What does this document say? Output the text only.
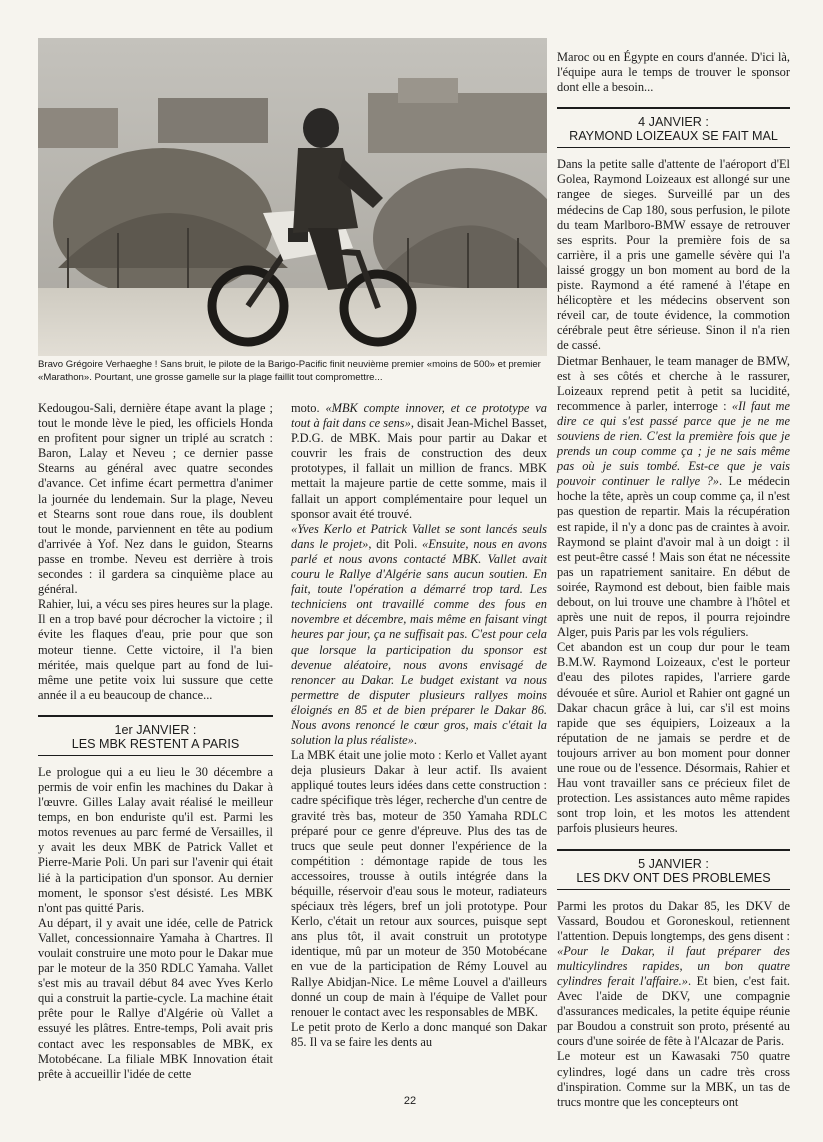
Bravo Grégoire Verhaeghe ! Sans bruit, le pilote de la Barigo-Pacific finit neuvième premier «moins de 500» et premier «Marathon». Pourtant, une grosse gamelle sur la plage faillit tout compromettre...

Kedougou-Sali, dernière étape avant la plage ; tout le monde lève le pied, les officiels Honda en profitent pour signer un triplé au scratch : Baron, Lalay et Neveu ; ce dernier passe Stearns au général avec quatre secondes d'avance. Cet infime écart permettra d'animer la journée du lendemain. Sur la plage, Neveu et Stearns sont roue dans roue, ils doublent tout le monde, parviennent en tête au podium d'arrivée à Yof. Nez dans le guidon, Stearns passe en trombe. Neveu est derrière à trois secondes : il gardera sa cinquième place au général.

Rahier, lui, a vécu ses pires heures sur la plage. Il en a trop bavé pour décrocher la victoire ; il évite les flaques d'eau, prie pour que son moteur tienne. Cette victoire, il l'a bien méritée, mais quelque part au fond de lui-même une petite voix lui sussure que cette année il a eu beaucoup de chance...

1er JANVIER :
LES MBK RESTENT A PARIS

Le prologue qui a eu lieu le 30 décembre a permis de voir enfin les machines du Dakar à l'œuvre. Gilles Lalay avait réalisé le meilleur temps, en bon enduriste qu'il est. Parmi les motos revenues au parc fermé de Versailles, il y avait les deux MBK de Patrick Vallet et Pierre-Marie Poli. Un pari sur l'avenir qui était lié à la participation d'un sponsor. Au dernier moment, le sponsor s'est désisté. Les MBK n'ont pas quitté Paris.

Au départ, il y avait une idée, celle de Patrick Vallet, concessionnaire Yamaha à Chartres. Il voulait construire une moto pour le Dakar mue par le moteur de la 350 RDLC Yamaha. Vallet s'est mis au travail début 84 avec Yves Kerlo qui a construit la partie-cycle. La machine était prête pour le Rallye d'Algérie où Vallet a essuyé les plâtres. Entre-temps, Poli avait pris contact avec les responsables de MBK, ex Motobécane. La filiale MBK Innovation était prête à accueillir l'idée de cette

moto. «MBK compte innover, et ce prototype va tout à fait dans ce sens», disait Jean-Michel Basset, P.D.G. de MBK. Mais pour partir au Dakar et couvrir les frais de construction des deux prototypes, il fallait un million de francs. MBK mettait la majeure partie de cette somme, mais il fallait un apport complémentaire pour lequel un sponsor avait été trouvé.

«Yves Kerlo et Patrick Vallet se sont lancés seuls dans le projet», dit Poli. «Ensuite, nous en avons parlé et nous avons contacté MBK. Vallet avait couru le Rallye d'Algérie sans aucun soutien. En fait, toute l'opération a démarré trop tard. Les techniciens ont travaillé comme des fous en novembre et décembre, mais même en faisant vingt heures par jour, ça ne suffisait pas. C'est pour cela que lorsque la participation du sponsor est devenue aléatoire, nous avons envisagé de renoncer au Dakar. Le budget existant va nous permettre de disputer plusieurs rallyes moins éloignés en 85 et de bien préparer le Dakar 86. Nous avons renoncé le cœur gros, mais c'était la solution la plus réaliste».

La MBK était une jolie moto : Kerlo et Vallet ayant deja plusieurs Dakar à leur actif. Ils avaient appliqué toutes leurs idées dans cette construction : cadre spécifique très léger, recherche d'un centre de gravité très bas, moteur de 350 Yamaha RDLC préparé pour ce genre d'épreuve. Plus des tas de trucs que seule peut donner l'expérience de la compétition : démontage rapide de tous les accessoires, trousse à outils intégrée dans la béquille, réservoir d'eau sous le moteur, radiateurs spéciaux très légers, bref un joli prototype. Pour Kerlo, c'était un retour aux sources, puisque sept ans plus tôt, il avait construit un prototype identique, mû par un moteur de 350 Motobécane en vue de la participation de Rémy Louvel au Rallye Abidjan-Nice. Le même Louvel a d'ailleurs donné un coup de main à l'équipe de Vallet pour renouer le contact avec les responsables de MBK.

Le petit proto de Kerlo a donc manqué son Dakar 85. Il va se faire les dents au

Maroc ou en Égypte en cours d'année. D'ici là, l'équipe aura le temps de trouver le sponsor dont elle a besoin...

4 JANVIER :
RAYMOND LOIZEAUX SE FAIT MAL

Dans la petite salle d'attente de l'aéroport d'El Golea, Raymond Loizeaux est allongé sur une rangee de sieges. Surveillé par un des médecins de Cap 180, sous perfusion, le pilote du team Marlboro-BMW essaye de retrouver ses esprits. Pour la première fois de sa carrière, il a pris une gamelle sévère qui l'a laissé groggy un bon moment au bord de la piste. Raymond a été ramené à l'étape en hélicoptère et les médecins observent son réveil car, de toute évidence, la commotion cérébrale peut être sérieuse. Sinon il n'a rien de cassé.

Dietmar Benhauer, le team manager de BMW, est à ses côtés et cherche à le rassurer, Loizeaux reprend petit à petit sa lucidité, recommence à parler, interroge : «Il faut me dire ce qui s'est passé parce que je ne me souviens de rien. C'est la première fois que je prends un coup comme ça ; je ne sais même pas où je suis tombé. Est-ce que je vais pouvoir continuer le rallye ?». Le médecin hoche la tête, après un coup comme ça, il n'est pas question de repartir. Mais la récupération est rapide, il n'y a donc pas de craintes à avoir. Raymond se plaint d'avoir mal à un doigt : il est peut-être cassé ! Mais son état ne nécessite pas un rapatriement sanitaire. En début de soirée, Raymond est debout, bien faible mais debout, on lui trouve une chambre à l'hôtel et après une nuit de repos, il pourra rejoindre Alger, puis Paris par les vols réguliers.

Cet abandon est un coup dur pour le team B.M.W. Raymond Loizeaux, c'est le porteur d'eau des pilotes rapides, l'arriere garde dévouée et sûre. Auriol et Rahier ont gagné un Dakar chacun grâce à lui, car s'il est moins rapide que ses équipiers, Loizeaux a la réputation de ne jamais se perdre et de toujours arriver au bon moment pour donner une roue ou de l'essence. Désormais, Rahier et Hau vont travailler sans ce précieux filet de protection. Les assistances auto même rapides sont trop loin, et les motos les attendent parfois plusieurs heures.

5 JANVIER :
LES DKV ONT DES PROBLEMES

Parmi les protos du Dakar 85, les DKV de Vassard, Boudou et Goroneskoul, retiennent l'attention. Depuis longtemps, des gens disent : «Pour le Dakar, il faut préparer des multicylindres rapides, un bon quatre cylindres ferait l'affaire.». Et bien, c'est fait. Avec l'aide de DKV, une compagnie d'assurances medicales, la petite équipe réunie par Boudou a construit son proto, présenté au cours d'une soirée de fête à l'Alcazar de Paris.

Le moteur est un Kawasaki 750 quatre cylindres, logé dans un cadre très cross d'inspiration. Comme sur la MBK, un tas de trucs montre que les concepteurs ont

22
